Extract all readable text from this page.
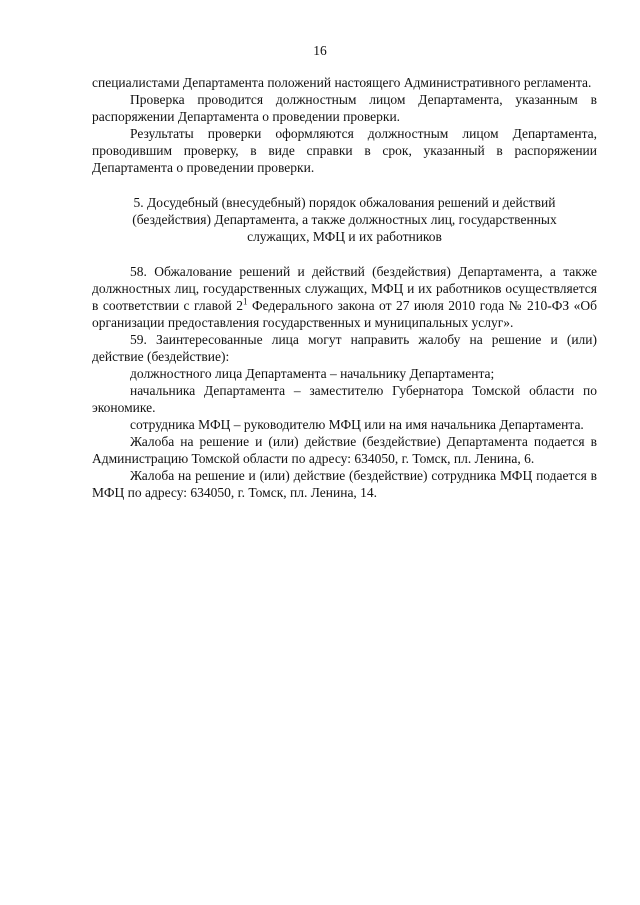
16

специалистами Департамента положений настоящего Административного регламента.

Проверка проводится должностным лицом Департамента, указанным в распоряжении Департамента о проведении проверки.

Результаты проверки оформляются должностным лицом Департамента, проводившим проверку, в виде справки в срок, указанный в распоряжении Департамента о проведении проверки.

5. Досудебный (внесудебный) порядок обжалования решений и действий (бездействия) Департамента, а также должностных лиц, государственных служащих, МФЦ и их работников

58. Обжалование решений и действий (бездействия) Департамента, а также должностных лиц, государственных служащих, МФЦ и их работников осуществляется в соответствии с главой $2^1$ Федерального закона от 27 июля 2010 года № 210-ФЗ «Об организации предоставления государственных и муниципальных услуг».

59. Заинтересованные лица могут направить жалобу на решение и (или) действие (бездействие):

должностного лица Департамента – начальнику Департамента;

начальника Департамента – заместителю Губернатора Томской области по экономике.

сотрудника МФЦ – руководителю МФЦ или на имя начальника Департамента.

Жалоба на решение и (или) действие (бездействие) Департамента подается в Администрацию Томской области по адресу: 634050, г. Томск, пл. Ленина, 6.

Жалоба на решение и (или) действие (бездействие) сотрудника МФЦ подается в МФЦ по адресу: 634050, г. Томск, пл. Ленина, 14.
